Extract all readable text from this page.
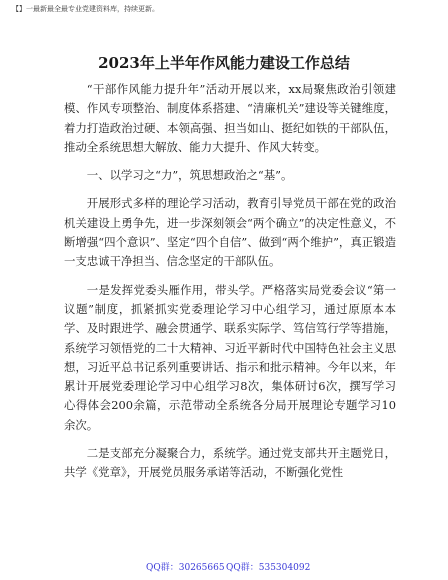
【】一最新最全最专业党建资料库，持续更新。
2023年上半年作风能力建设工作总结

“干部作风能力提升年”活动开展以来，xx局聚焦政治引领建模、作风专项整治、制度体系搭建、“清廉机关”建设等关键维度，着力打造政治过硬、本领高强、担当如山、挺纪如铁的干部队伍，推动全系统思想大解放、能力大提升、作风大转变。

一、以学习之“力”，筑思想政治之“基”。

开展形式多样的理论学习活动，教育引导党员干部在党的政治机关建设上勇争先，进一步深刻领会“两个确立”的决定性意义，不断增强“四个意识”、坚定“四个自信”、做到“两个维护”，真正锻造一支忠诚干净担当、信念坚定的干部队伍。

一是发挥党委头雁作用，带头学。严格落实局党委会议“第一议题”制度，抓紧抓实党委理论学习中心组学习，通过原原本本学、及时跟进学、融会贯通学、联系实际学、笃信笃行学等措施，系统学习领悟党的二十大精神、习近平新时代中国特色社会主义思想，习近平总书记系列重要讲话、指示和批示精神。今年以来，年累计开展党委理论学习中心组学习8次，集体研讨6次，撰写学习心得体会200余篇，示范带动全系统各分局开展理论专题学习10余次。

二是支部充分凝聚合力，系统学。通过党支部共开主题党日，共学《党章》，开展党员服务承诺等活动，不断强化党性

QQ群：30265665 QQ群：535304092
